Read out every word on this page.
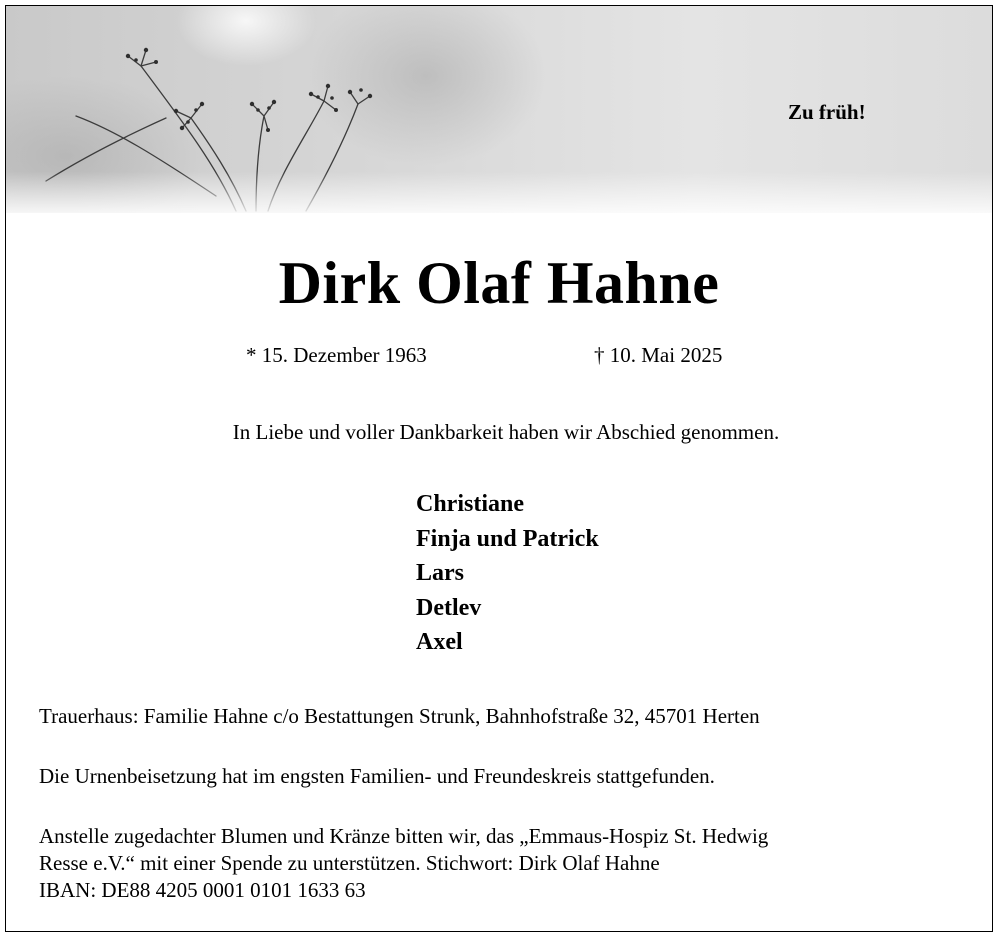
Zu früh!
Dirk Olaf Hahne
* 15. Dezember 1963	† 10. Mai 2025
In Liebe und voller Dankbarkeit haben wir Abschied genommen.
Christiane
Finja und Patrick
Lars
Detlev
Axel
Trauerhaus: Familie Hahne c/o Bestattungen Strunk, Bahnhofstraße 32, 45701 Herten
Die Urnenbeisetzung hat im engsten Familien- und Freundeskreis stattgefunden.
Anstelle zugedachter Blumen und Kränze bitten wir, das „Emmaus-Hospiz St. Hedwig
Resse e.V.“ mit einer Spende zu unterstützen. Stichwort: Dirk Olaf Hahne
IBAN: DE88 4205 0001 0101 1633 63
